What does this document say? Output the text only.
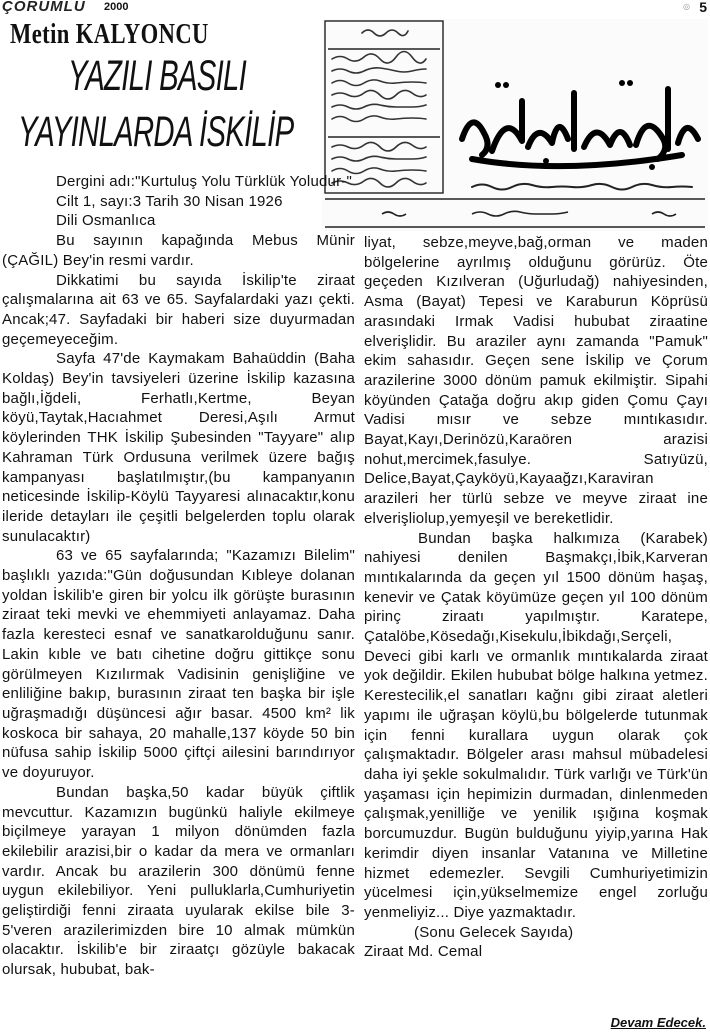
ÇORUMLU 2000	◎ 5
Metin KALYONCU
YAZILI BASILI
YAYINLARDA İSKİLİP

Dergini adı:"Kurtuluş Yolu Türklük Yoludur-"

Cilt 1, sayı:3 Tarih 30 Nisan 1926

Dili Osmanlıca

Bu sayının kapağında Mebus Münir (ÇAĞIL) Bey'in resmi vardır.

Dikkatimi bu sayıda İskilip'te ziraat çalışmalarına ait 63 ve 65. Sayfalardaki yazı çekti. Ancak;47. Sayfadaki bir haberi size duyurmadan geçemeyeceğim.

Sayfa 47'de Kaymakam Bahaüddin (Baha Koldaş) Bey'in tavsiyeleri üzerine İskilip kazasına bağlı,İğdeli, Ferhatlı,Kertme, Beyan köyü,Taytak,Hacıahmet Deresi,Aşılı Armut köylerinden THK İskilip Şubesinden "Tayyare" alıp Kahraman Türk Ordusuna verilmek üzere bağış kampanyası başlatılmıştır,(bu kampanyanın neticesinde İskilip-Köylü Tayyaresi alınacaktır,konu ileride detayları ile çeşitli belgelerden toplu olarak sunulacaktır)

63 ve 65 sayfalarında; "Kazamızı Bilelim" başlıklı yazıda:"Gün doğusundan Kıbleye dolanan yoldan İskilib'e giren bir yolcu ilk görüşte burasının ziraat teki mevki ve ehemmiyeti anlayamaz. Daha fazla keresteci esnaf ve sanatkarolduğunu sanır. Lakin kıble ve batı cihetine doğru gittikçe sonu görülmeyen Kızılırmak Vadisinin genişliğine ve enliliğine bakıp, burasının ziraat ten başka bir işle uğraşmadığı düşüncesi ağır basar. 4500 km² lik koskoca bir sahaya, 20 mahalle,137 köyde 50 bin nüfusa sahip İskilip 5000 çiftçi ailesini barındırıyor ve doyuruyor.

Bundan başka,50 kadar büyük çiftlik mevcuttur. Kazamızın bugünkü haliyle ekilmeye biçilmeye yarayan 1 milyon dönümden fazla ekilebilir arazisi,bir o kadar da mera ve ormanları vardır. Ancak bu arazilerin 300 dönümü fenne uygun ekilebiliyor. Yeni pulluklarla,Cumhuriyetin geliştirdiği fenni ziraata uyularak ekilse bile 3-5'veren arazilerimizden bire 10 almak mümkün olacaktır. İskilib'e bir ziraatçı gözüyle bakacak olursak, hububat, bak-

liyat, sebze,meyve,bağ,orman ve maden bölgelerine ayrılmış olduğunu görürüz. Öte geçeden Kızılveran (Uğurludağ) nahiyesinden, Asma (Bayat) Tepesi ve Karaburun Köprüsü arasındaki Irmak Vadisi hububat ziraatine elverişlidir. Bu araziler aynı zamanda "Pamuk" ekim sahasıdır. Geçen sene İskilip ve Çorum arazilerine 3000 dönüm pamuk ekilmiştir. Sipahi köyünden Çatağa doğru akıp giden Çomu Çayı Vadisi mısır ve sebze mıntıkasıdır. Bayat,Kayı,Derinözü,Karaören arazisi nohut,mercimek,fasulye. Satıyüzü, Delice,Bayat,Çayköyü,Kayaağzı,Karaviran arazileri her türlü sebze ve meyve ziraat ine elverişliolup,yemyeşil ve bereketlidir.

Bundan başka halkımıza (Karabek) nahiyesi denilen Başmakçı,İbik,Karveran mıntıkalarında da geçen yıl 1500 dönüm haşaş, kenevir ve Çatak köyümüze geçen yıl 100 dönüm pirinç ziraatı yapılmıştır. Karatepe, Çatalöbe,Kösedağı,Kisekulu,İbikdağı,Serçeli, Deveci gibi karlı ve ormanlık mıntıkalarda ziraat yok değildir. Ekilen hububat bölge halkına yetmez. Kerestecilik,el sanatları kağnı gibi ziraat aletleri yapımı ile uğraşan köylü,bu bölgelerde tutunmak için fenni kurallara uygun olarak çok çalışmaktadır. Bölgeler arası mahsul mübadelesi daha iyi şekle sokulmalıdır. Türk varlığı ve Türk'ün yaşaması için hepimizin durmadan, dinlenmeden çalışmak,yenilliğe ve yenilik ışığına koşmak borcumuzdur. Bugün bulduğunu yiyip,yarına Hak kerimdir diyen insanlar Vatanına ve Milletine hizmet edemezler. Sevgili Cumhuriyetimizin yücelmesi için,yükselmemize engel zorluğu yenmeliyiz... Diye yazmaktadır.

(Sonu Gelecek Sayıda)

Ziraat Md. Cemal

Devam Edecek.
